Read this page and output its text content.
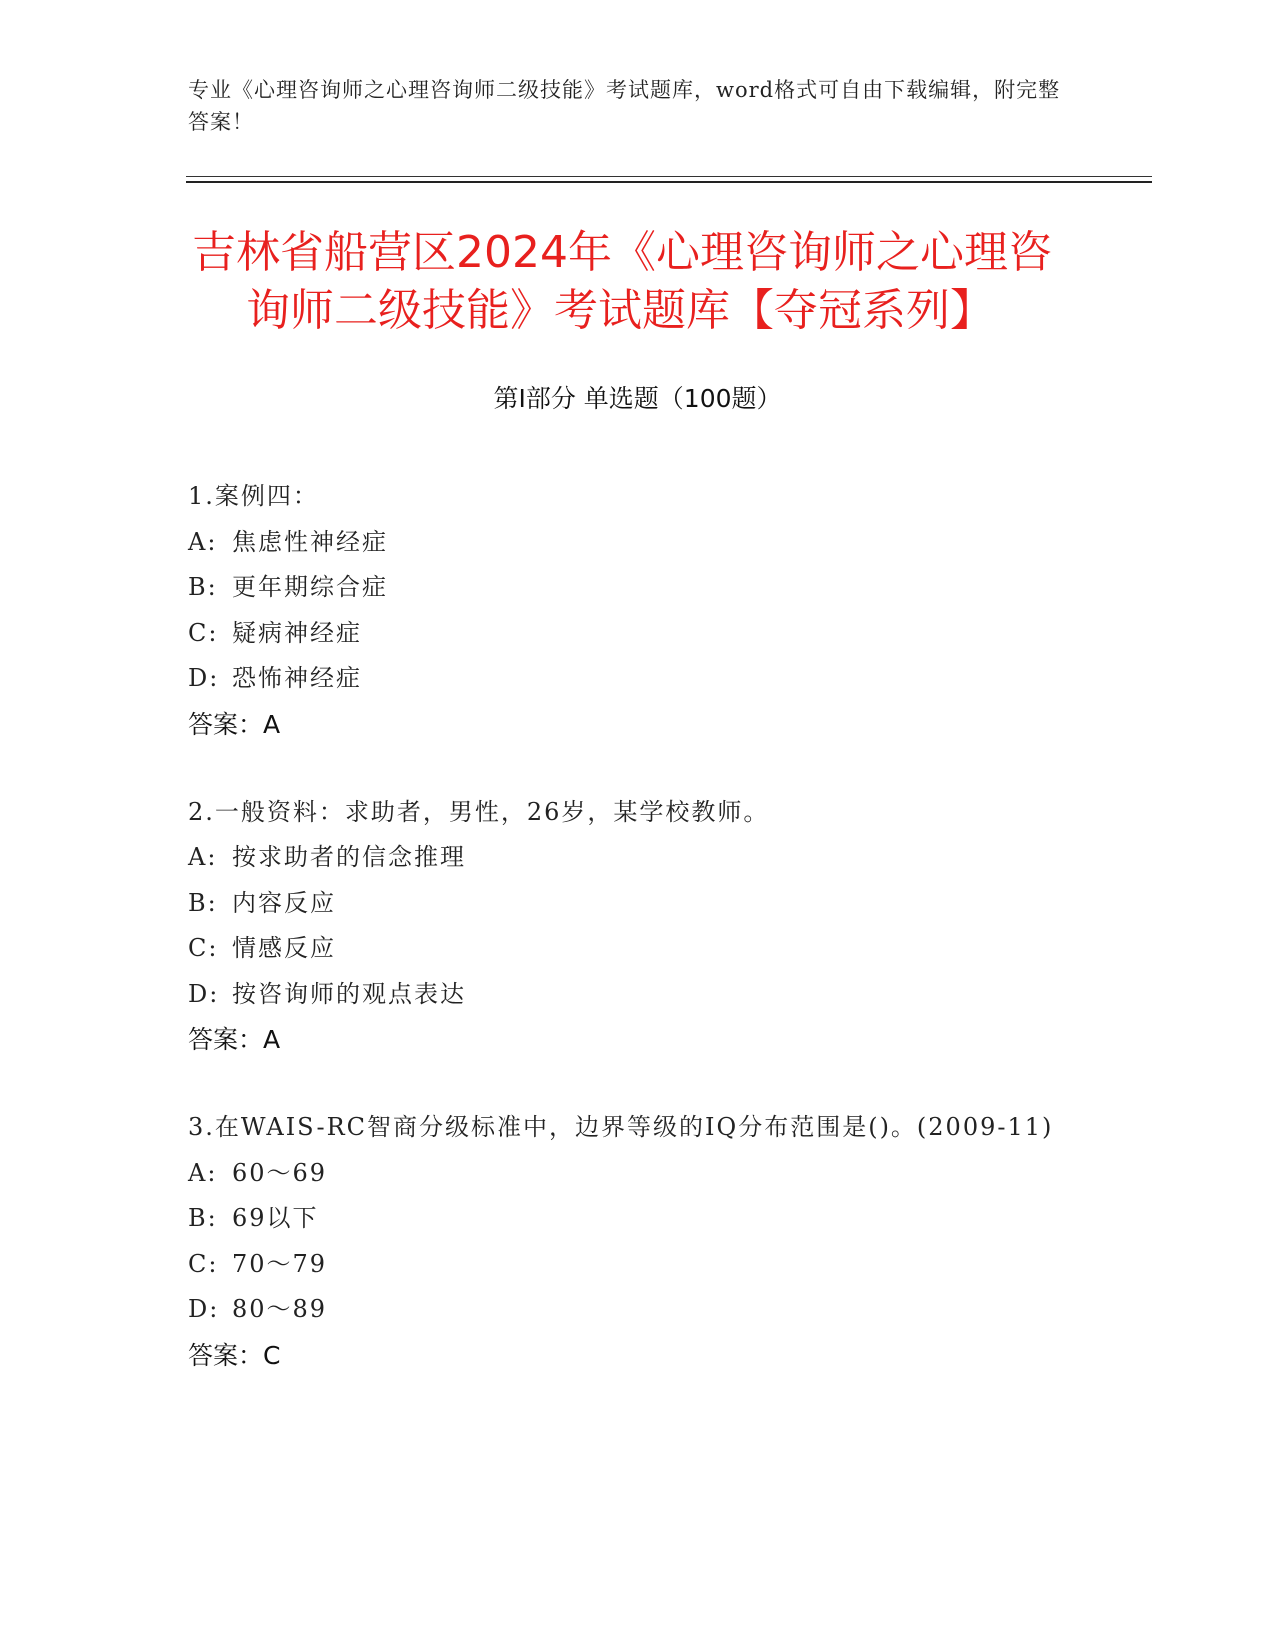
专业《心理咨询师之心理咨询师二级技能》考试题库，word格式可自由下载编辑，附完整答案！
吉林省船营区2024年《心理咨询师之心理咨
询师二级技能》考试题库【夺冠系列】
第I部分 单选题（100题）
1.案例四：
A: 焦虑性神经症
B: 更年期综合症
C: 疑病神经症
D: 恐怖神经症
答案：A
2.一般资料：求助者，男性，26岁，某学校教师。
A: 按求助者的信念推理
B: 内容反应
C: 情感反应
D: 按咨询师的观点表达
答案：A
3.在WAIS-RC智商分级标准中，边界等级的IQ分布范围是()。(2009-11)
A: 60～69
B: 69以下
C: 70～79
D: 80～89
答案：C
